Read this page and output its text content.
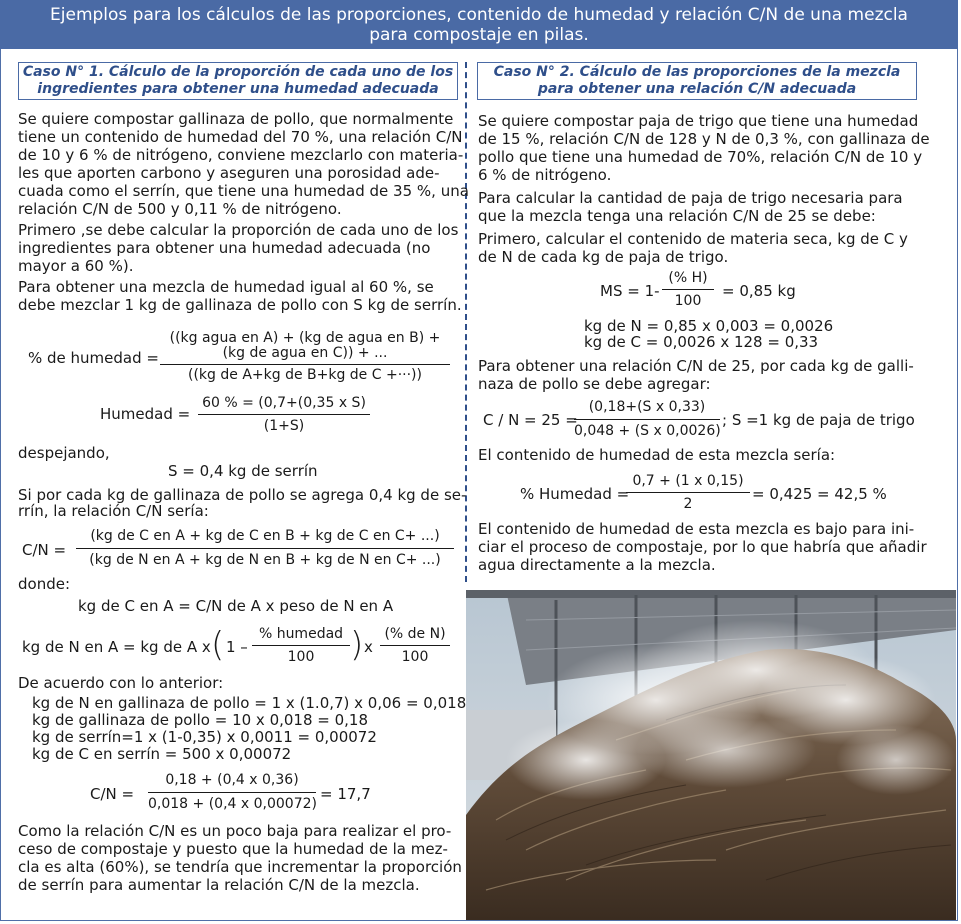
Ejemplos para los cálculos de las proporciones, contenido de humedad y relación C/N de una mezcla
para compostaje en pilas.
Caso N° 1. Cálculo de la proporción de cada uno de los
ingredientes para obtener una humedad adecuada
Se quiere compostar gallinaza de pollo, que normalmente
tiene un contenido de humedad del 70 %, una relación C/N
de 10 y 6 % de nitrógeno, conviene mezclarlo con materia-
les que aporten carbono y aseguren una porosidad ade-
cuada como el serrín, que tiene una humedad de 35 %, una
relación C/N de 500 y 0,11 % de nitrógeno.
Primero ,se debe calcular la proporción de cada uno de los
ingredientes para obtener una humedad adecuada (no
mayor a 60 %).
Para obtener una mezcla de humedad igual al 60 %, se
debe mezclar 1 kg de gallinaza de pollo con S kg de serrín.
% de humedad =
((kg agua en A) + (kg de agua en B) +
(kg de agua en C)) + ...
((kg de A+kg de B+kg de C +···))
Humedad =
60 % = (0,7+(0,35 x S)
(1+S)
despejando,
S = 0,4 kg de serrín
Si por cada kg de gallinaza de pollo se agrega 0,4 kg de se-
rrín, la relación C/N sería:
C/N =
(kg de C en A + kg de C en B + kg de C en C+ ...)
(kg de N en A + kg de N en B + kg de N en C+ ...)
donde:
kg de C en A = C/N de A x peso de N en A
kg de N en A = kg de A x ( 1 –
% humedad
100	) x
(% de N)
100
De acuerdo con lo anterior:
kg de N en gallinaza de pollo = 1 x (1.0,7) x 0,06 = 0,018
kg de gallinaza de pollo = 10 x 0,018 = 0,18
kg de serrín=1 x (1-0,35) x 0,0011 = 0,00072
kg de C en serrín = 500 x 0,00072
C/N =
0,18 + (0,4 x 0,36)
0,018 + (0,4 x 0,00072)
= 17,7
Como la relación C/N es un poco baja para realizar el pro-
ceso de compostaje y puesto que la humedad de la mez-
cla es alta (60%), se tendría que incrementar la proporción
de serrín para aumentar la relación C/N de la mezcla.
Caso N° 2. Cálculo de las proporciones de la mezcla
para obtener una relación C/N adecuada
Se quiere compostar paja de trigo que tiene una humedad
de 15 %, relación C/N de 128 y N de 0,3 %, con gallinaza de
pollo que tiene una humedad de 70%, relación C/N de 10 y
6 % de nitrógeno.
Para calcular la cantidad de paja de trigo necesaria para
que la mezcla tenga una relación C/N de 25 se debe:
Primero, calcular el contenido de materia seca, kg de C y
de N de cada kg de paja de trigo.
MS = 1-
(% H)
100
= 0,85 kg
kg de N = 0,85 x 0,003 = 0,0026
kg de C = 0,0026 x 128 = 0,33
Para obtener una relación C/N de 25, por cada kg de galli-
naza de pollo se debe agregar:
C / N = 25 =
(0,18+(S x 0,33)
0,048 + (S x 0,0026)
; S =1 kg de paja de trigo
El contenido de humedad de esta mezcla sería:
% Humedad =
0,7 + (1 x 0,15)
2
= 0,425 = 42,5 %
El contenido de humedad de esta mezcla es bajo para ini-
ciar el proceso de compostaje, por lo que habría que añadir
agua directamente a la mezcla.
